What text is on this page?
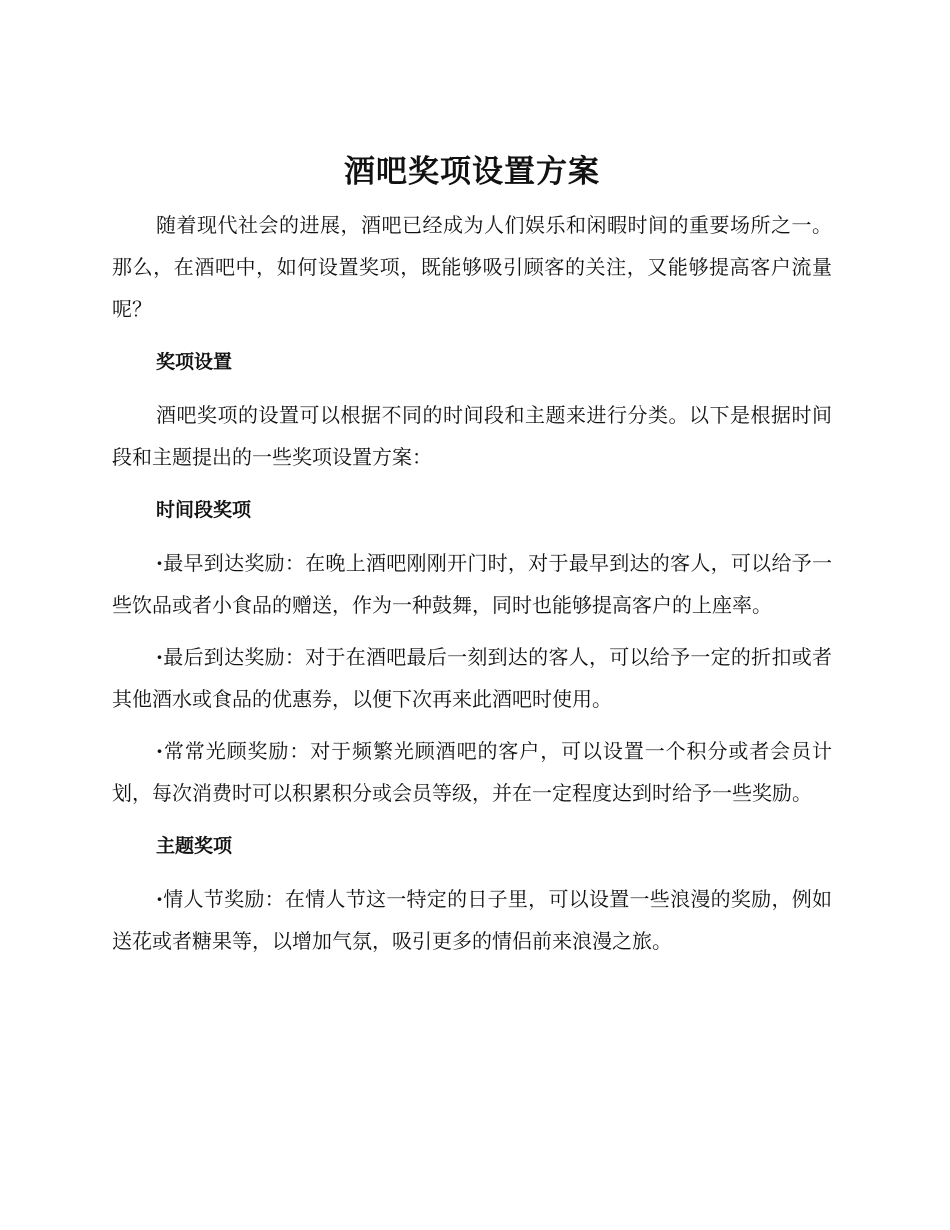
酒吧奖项设置方案

随着现代社会的进展，酒吧已经成为人们娱乐和闲暇时间的重要场所之一。那么，在酒吧中，如何设置奖项，既能够吸引顾客的关注，又能够提高客户流量呢？

奖项设置

酒吧奖项的设置可以根据不同的时间段和主题来进行分类。以下是根据时间段和主题提出的一些奖项设置方案：

时间段奖项

·最早到达奖励：在晚上酒吧刚刚开门时，对于最早到达的客人，可以给予一些饮品或者小食品的赠送，作为一种鼓舞，同时也能够提高客户的上座率。

·最后到达奖励：对于在酒吧最后一刻到达的客人，可以给予一定的折扣或者其他酒水或食品的优惠券，以便下次再来此酒吧时使用。

·常常光顾奖励：对于频繁光顾酒吧的客户，可以设置一个积分或者会员计划，每次消费时可以积累积分或会员等级，并在一定程度达到时给予一些奖励。

主题奖项

·情人节奖励：在情人节这一特定的日子里，可以设置一些浪漫的奖励，例如送花或者糖果等，以增加气氛，吸引更多的情侣前来浪漫之旅。
